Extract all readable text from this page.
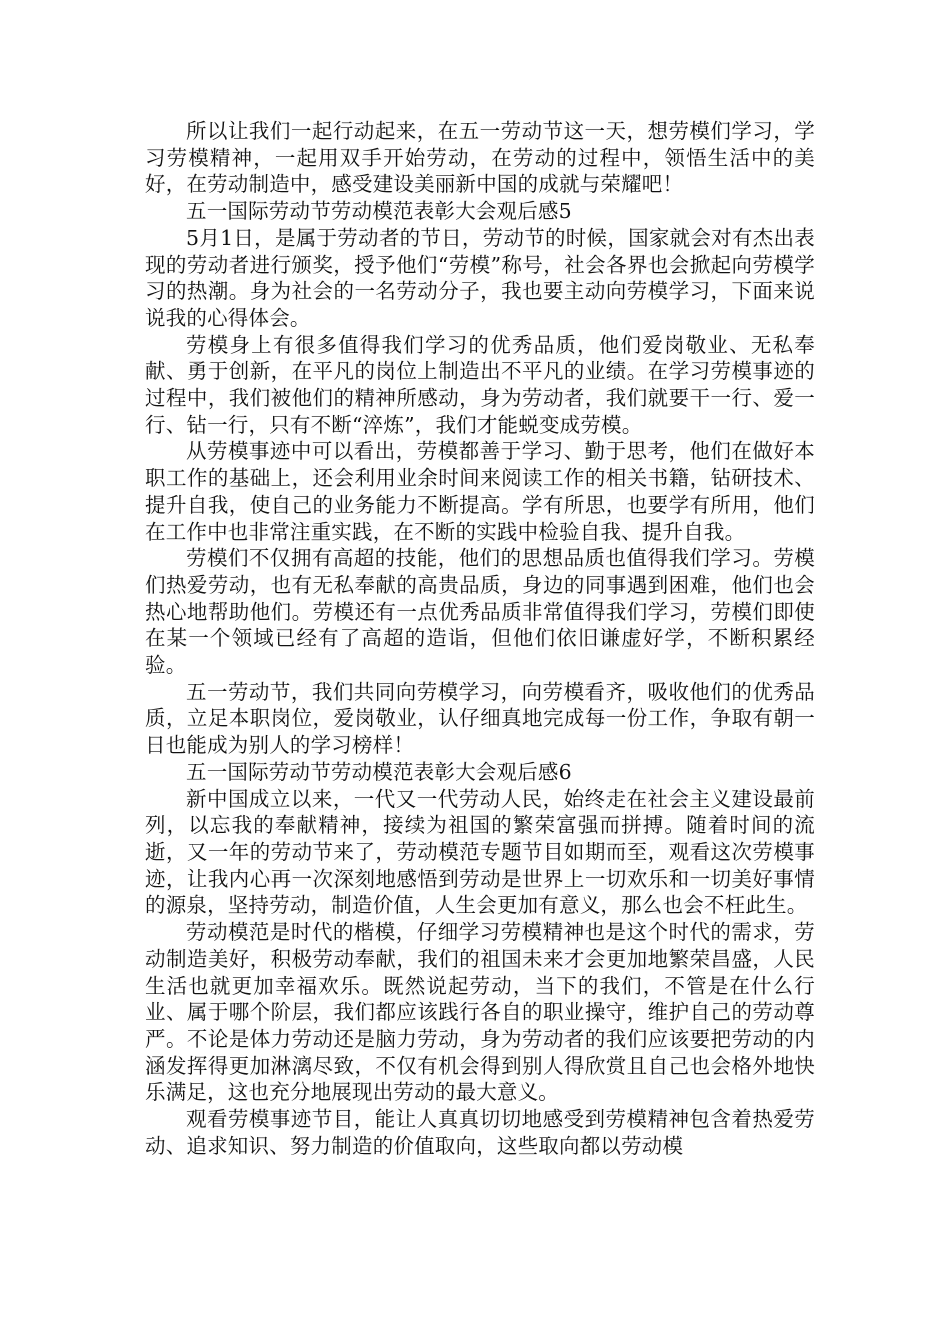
所以让我们一起行动起来，在五一劳动节这一天，想劳模们学习，学习劳模精神，一起用双手开始劳动，在劳动的过程中，领悟生活中的美好，在劳动制造中，感受建设美丽新中国的成就与荣耀吧！

五一国际劳动节劳动模范表彰大会观后感5

5月1日，是属于劳动者的节日，劳动节的时候，国家就会对有杰出表现的劳动者进行颁奖，授予他们“劳模”称号，社会各界也会掀起向劳模学习的热潮。身为社会的一名劳动分子，我也要主动向劳模学习，下面来说说我的心得体会。

劳模身上有很多值得我们学习的优秀品质，他们爱岗敬业、无私奉献、勇于创新，在平凡的岗位上制造出不平凡的业绩。在学习劳模事迹的过程中，我们被他们的精神所感动，身为劳动者，我们就要干一行、爱一行、钻一行，只有不断“淬炼”，我们才能蜕变成劳模。

从劳模事迹中可以看出，劳模都善于学习、勤于思考，他们在做好本职工作的基础上，还会利用业余时间来阅读工作的相关书籍，钻研技术、提升自我，使自己的业务能力不断提高。学有所思，也要学有所用，他们在工作中也非常注重实践，在不断的实践中检验自我、提升自我。

劳模们不仅拥有高超的技能，他们的思想品质也值得我们学习。劳模们热爱劳动，也有无私奉献的高贵品质，身边的同事遇到困难，他们也会热心地帮助他们。劳模还有一点优秀品质非常值得我们学习，劳模们即使在某一个领域已经有了高超的造诣，但他们依旧谦虚好学，不断积累经验。

五一劳动节，我们共同向劳模学习，向劳模看齐，吸收他们的优秀品质，立足本职岗位，爱岗敬业，认仔细真地完成每一份工作，争取有朝一日也能成为别人的学习榜样！

五一国际劳动节劳动模范表彰大会观后感6

新中国成立以来，一代又一代劳动人民，始终走在社会主义建设最前列，以忘我的奉献精神，接续为祖国的繁荣富强而拼搏。随着时间的流逝，又一年的劳动节来了，劳动模范专题节目如期而至，观看这次劳模事迹，让我内心再一次深刻地感悟到劳动是世界上一切欢乐和一切美好事情的源泉，坚持劳动，制造价值，人生会更加有意义，那么也会不枉此生。

劳动模范是时代的楷模，仔细学习劳模精神也是这个时代的需求，劳动制造美好，积极劳动奉献，我们的祖国未来才会更加地繁荣昌盛，人民生活也就更加幸福欢乐。既然说起劳动，当下的我们，不管是在什么行业、属于哪个阶层，我们都应该践行各自的职业操守，维护自己的劳动尊严。不论是体力劳动还是脑力劳动，身为劳动者的我们应该要把劳动的内涵发挥得更加淋漓尽致，不仅有机会得到别人得欣赏且自己也会格外地快乐满足，这也充分地展现出劳动的最大意义。

观看劳模事迹节目，能让人真真切切地感受到劳模精神包含着热爱劳动、追求知识、努力制造的价值取向，这些取向都以劳动模
